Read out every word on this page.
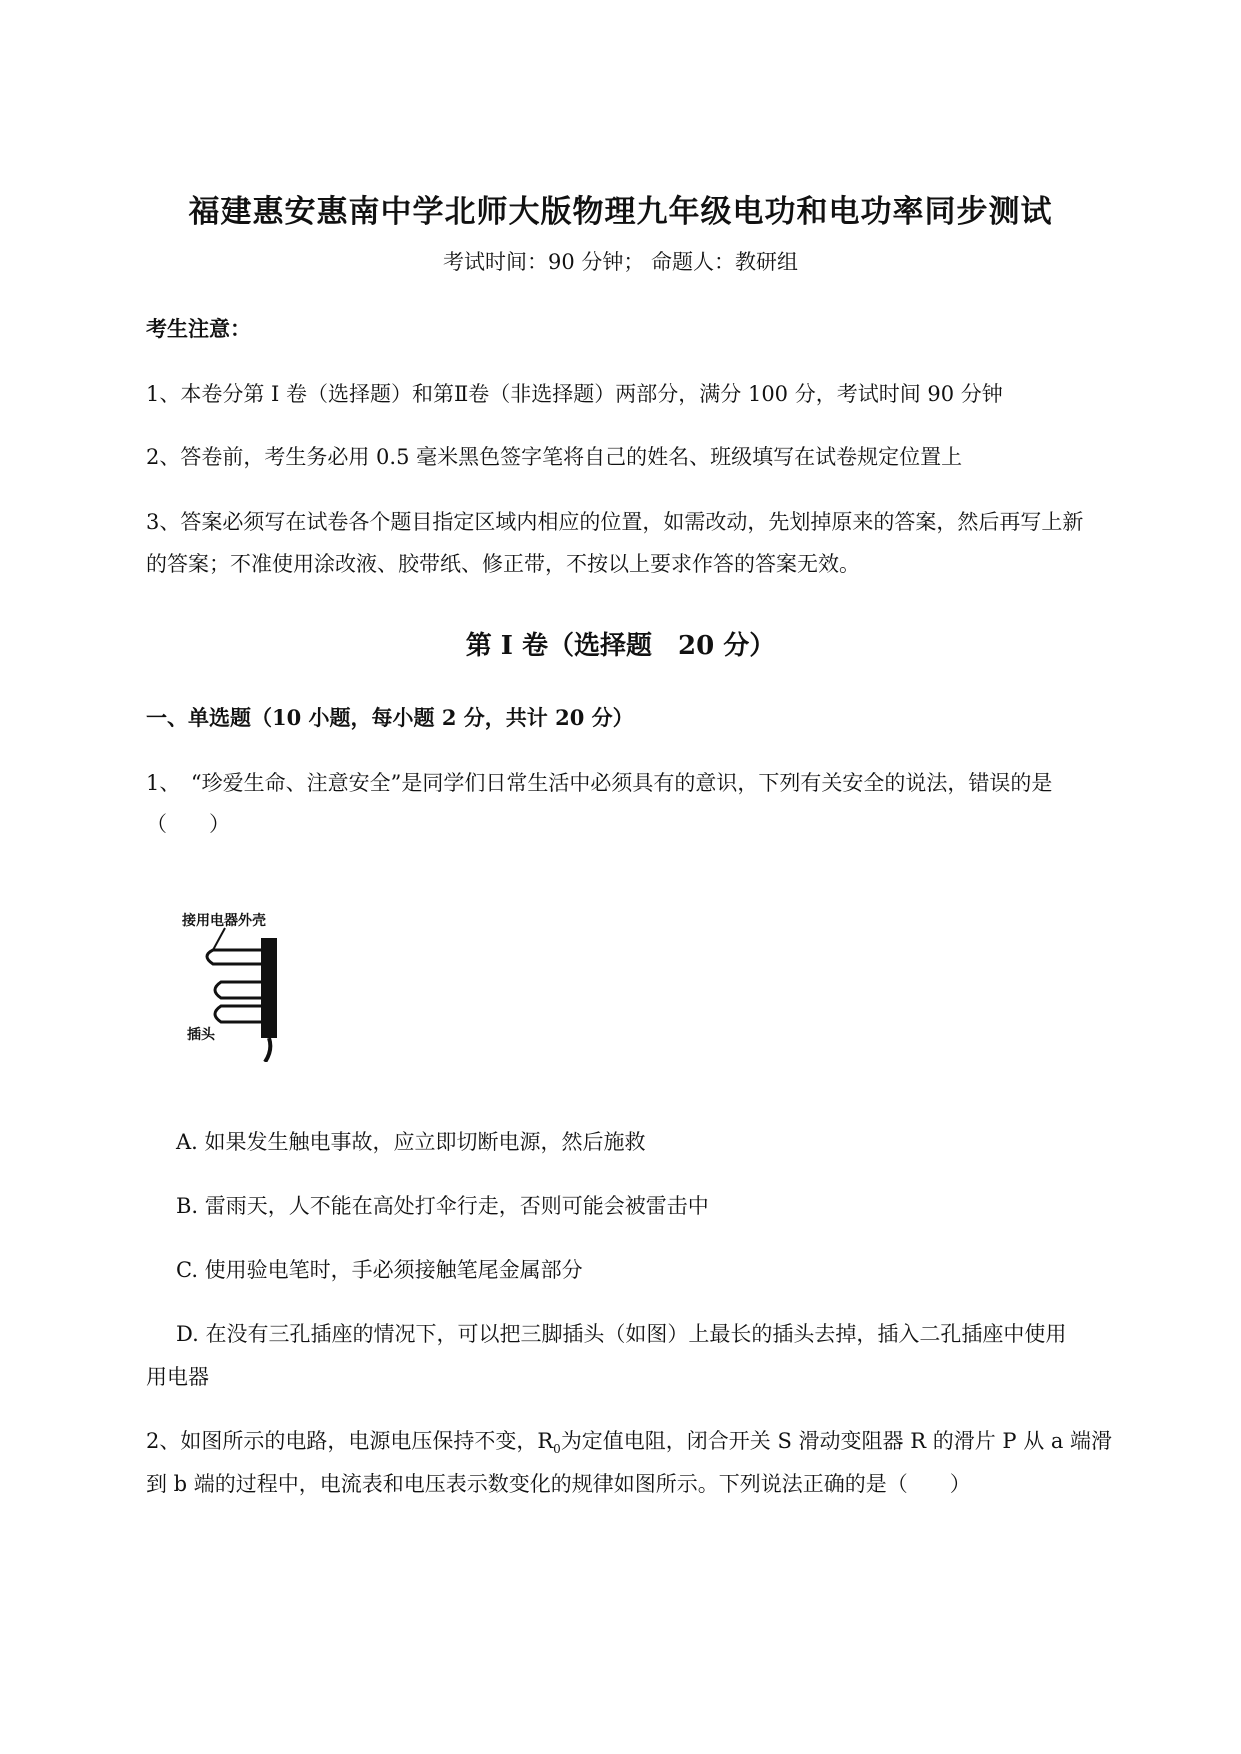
福建惠安惠南中学北师大版物理九年级电功和电功率同步测试
考试时间：90 分钟； 命题人：教研组
考生注意：
1、本卷分第 I 卷（选择题）和第Ⅱ卷（非选择题）两部分，满分 100 分，考试时间 90 分钟
2、答卷前，考生务必用 0.5 毫米黑色签字笔将自己的姓名、班级填写在试卷规定位置上
3、答案必须写在试卷各个题目指定区域内相应的位置，如需改动，先划掉原来的答案，然后再写上新
的答案；不准使用涂改液、胶带纸、修正带，不按以上要求作答的答案无效。
第 I 卷（选择题　20 分）
一、单选题（10 小题，每小题 2 分，共计 20 分）
1、　“珍爱生命、注意安全”是同学们日常生活中必须具有的意识，下列有关安全的说法，错误的是
（　　）
接用电器外壳
插头
A. 如果发生触电事故，应立即切断电源，然后施救
B. 雷雨天，人不能在高处打伞行走，否则可能会被雷击中
C. 使用验电笔时，手必须接触笔尾金属部分
D. 在没有三孔插座的情况下，可以把三脚插头（如图）上最长的插头去掉，插入二孔插座中使用
用电器
2、如图所示的电路，电源电压保持不变，$R_0$为定值电阻，闭合开关 S 滑动变阻器 R 的滑片 P 从 a 端滑
到 b 端的过程中，电流表和电压表示数变化的规律如图所示。下列说法正确的是（　　）
